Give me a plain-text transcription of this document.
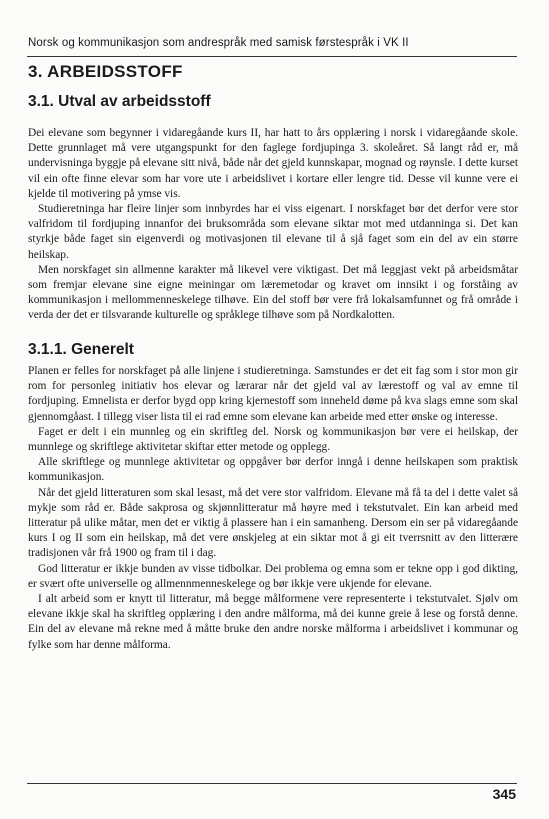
Norsk og kommunikasjon som andrespråk med samisk førstespråk i VK II
3. ARBEIDSSTOFF
3.1. Utval av arbeidsstoff

Dei elevane som begynner i vidaregåande kurs II, har hatt to års opplæring i norsk i vidaregåande skole. Dette grunnlaget må vere utgangspunkt for den faglege fordjupinga 3. skoleåret. Så langt råd er, må undervisninga byggje på elevane sitt nivå, både når det gjeld kunnskapar, mognad og røynsle. I dette kurset vil ein ofte finne elevar som har vore ute i arbeidslivet i kortare eller lengre tid. Desse vil kunne vere ei kjelde til motivering på ymse vis.

Studieretninga har fleire linjer som innbyrdes har ei viss eigenart. I norskfaget bør det derfor vere stor valfridom til fordjuping innanfor dei bruksområda som elevane siktar mot med utdanninga si. Det kan styrkje både faget sin eigenverdi og motivasjonen til elevane til å sjå faget som ein del av ein større heilskap.

Men norskfaget sin allmenne karakter må likevel vere viktigast. Det må leggjast vekt på arbeidsmåtar som fremjar elevane sine eigne meiningar om læremetodar og kravet om innsikt i og forståing av kommunikasjon i mellommenneskelege tilhøve. Ein del stoff bør vere frå lokalsamfunnet og frå område i verda der det er tilsvarande kulturelle og språklege tilhøve som på Nordkalotten.

3.1.1. Generelt

Planen er felles for norskfaget på alle linjene i studieretninga. Samstundes er det eit fag som i stor mon gir rom for personleg initiativ hos elevar og lærarar når det gjeld val av lærestoff og val av emne til fordjuping. Emnelista er derfor bygd opp kring kjernestoff som inneheld døme på kva slags emne som skal gjennomgåast. I tillegg viser lista til ei rad emne som elevane kan arbeide med etter ønske og interesse.

Faget er delt i ein munnleg og ein skriftleg del. Norsk og kommunikasjon bør vere ei heilskap, der munnlege og skriftlege aktivitetar skiftar etter metode og opplegg.

Alle skriftlege og munnlege aktivitetar og oppgåver bør derfor inngå i denne heilskapen som praktisk kommunikasjon.

Når det gjeld litteraturen som skal lesast, må det vere stor valfridom. Elevane må få ta del i dette valet så mykje som råd er. Både sakprosa og skjønnlitteratur må høyre med i tekstutvalet. Ein kan arbeid med litteratur på ulike måtar, men det er viktig å plassere han i ein samanheng. Dersom ein ser på vidaregåande kurs I og II som ein heilskap, må det vere ønskjeleg at ein siktar mot å gi eit tverrsnitt av den litterære tradisjonen vår frå 1900 og fram til i dag.

God litteratur er ikkje bunden av visse tidbolkar. Dei problema og emna som er tekne opp i god dikting, er svært ofte universelle og allmennmenneskelege og bør ikkje vere ukjende for elevane.

I alt arbeid som er knytt til litteratur, må begge målformene vere representerte i tekstutvalet. Sjølv om elevane ikkje skal ha skriftleg opplæring i den andre målforma, må dei kunne greie å lese og forstå denne. Ein del av elevane må rekne med å måtte bruke den andre norske målforma i arbeidslivet i kommunar og fylke som har denne målforma.

345
